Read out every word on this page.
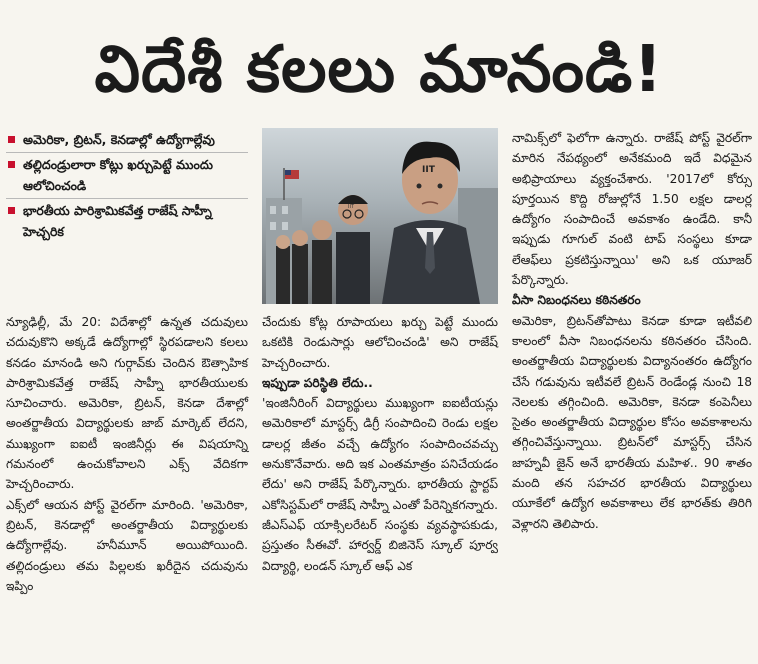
విదేశీ కలలు మానండి!
అమెరికా, బ్రిటన్, కెనడాల్లో ఉద్యోగాల్లేవు
తల్లిదండ్రులారా కోట్లు ఖర్చుపెట్టే ముందు ఆలోచించండి
భారతీయ పారిశ్రామికవేత్త రాజేష్ సాహ్నీ హెచ్చరిక
IIT
IIT

న్యూఢిల్లీ, మే 20: విదేశాల్లో ఉన్నత చదువులు చదువుకొని అక్కడే ఉద్యోగాల్లో స్థిరపడాలని కలలు కనడం మానండి అని గుర్గావ్‌కు చెందిన ఔత్సాహిక పారిశ్రామికవేత్త రాజేష్ సాహ్నీ భారతీయులకు సూచించారు. అమెరికా, బ్రిటన్, కెనడా దేశాల్లో అంతర్జాతీయ విద్యార్థులకు జాబ్ మార్కెట్ లేదని, ముఖ్యంగా ఐఐటీ ఇంజినీర్లు ఈ విషయాన్ని గమనంలో ఉంచుకోవాలని ఎక్స్ వేదికగా హెచ్చరించారు.

ఎక్స్‌లో ఆయన పోస్ట్ వైరల్‌గా మారింది. 'అమెరికా, బ్రిటన్, కెనడాల్లో అంతర్జాతీయ విద్యార్థులకు ఉద్యోగాల్లేవు. హనీమూన్ అయిపోయింది. తల్లిదండ్రులు తమ పిల్లలకు ఖరీదైన చదువును ఇప్పిం

చేందుకు కోట్ల రూపాయలు ఖర్చు పెట్టే ముందు ఒకటికి రెండుసార్లు ఆలోచించండి' అని రాజేష్ హెచ్చరించారు.

ఇప్పుడా పరిస్థితి లేదు..

'ఇంజినీరింగ్ విద్యార్థులు ముఖ్యంగా ఐఐటీయన్లు అమెరికాలో మాస్టర్స్ డిగ్రీ సంపాదించి రెండు లక్షల డాలర్ల జీతం వచ్చే ఉద్యోగం సంపాదించవచ్చు అనుకొనేవారు. అది ఇక ఎంతమాత్రం పనిచేయడం లేదు' అని రాజేష్ పేర్కొన్నారు. భారతీయ స్టార్టప్ ఎకోసిస్టమ్‌లో రాజేష్ సాహ్నీ ఎంతో పేరెన్నికగన్నారు. జీఎస్‌ఎఫ్ యాక్సిలరేటర్ సంస్థకు వ్యవస్థాపకుడు, ప్రస్తుతం సీఈవో. హార్వర్డ్ బిజినెస్ స్కూల్ పూర్వ విద్యార్థి, లండన్ స్కూల్ ఆఫ్ ఎక

నామిక్స్‌లో ఫెలోగా ఉన్నారు. రాజేష్ పోస్ట్ వైరల్‌గా మారిన నేపథ్యంలో అనేకమంది ఇదే విధమైన అభిప్రాయాలు వ్యక్తంచేశారు. '2017లో కోర్సు పూర్తయిన కొద్ది రోజుల్లోనే 1.50 లక్షల డాలర్ల ఉద్యోగం సంపాదించే అవకాశం ఉండేది. కానీ ఇప్పుడు గూగుల్ వంటి టాప్ సంస్థలు కూడా లేఆఫ్‌లు ప్రకటిస్తున్నాయి' అని ఒక యూజర్ పేర్కొన్నారు.

వీసా నిబంధనలు కఠినతరం

అమెరికా, బ్రిటన్‌తోపాటు కెనడా కూడా ఇటీవలి కాలంలో వీసా నిబంధనలను కఠినతరం చేసింది. అంతర్జాతీయ విద్యార్థులకు విద్యానంతరం ఉద్యోగం చేసే గడువును ఇటీవలే బ్రిటన్ రెండేండ్ల నుంచి 18 నెలలకు తగ్గించింది. అమెరికా, కెనడా కంపెనీలు సైతం అంతర్జాతీయ విద్యార్థుల కోసం అవకాశాలను తగ్గించివేస్తున్నాయి. బ్రిటన్‌లో మాస్టర్స్ చేసిన జాహ్నవీ జైన్ అనే భారతీయ మహిళ.. 90 శాతం మంది తన సహచర భారతీయ విద్యార్థులు యూకేలో ఉద్యోగ అవకాశాలు లేక భారత్‌కు తిరిగి వెళ్లారని తెలిపారు.
